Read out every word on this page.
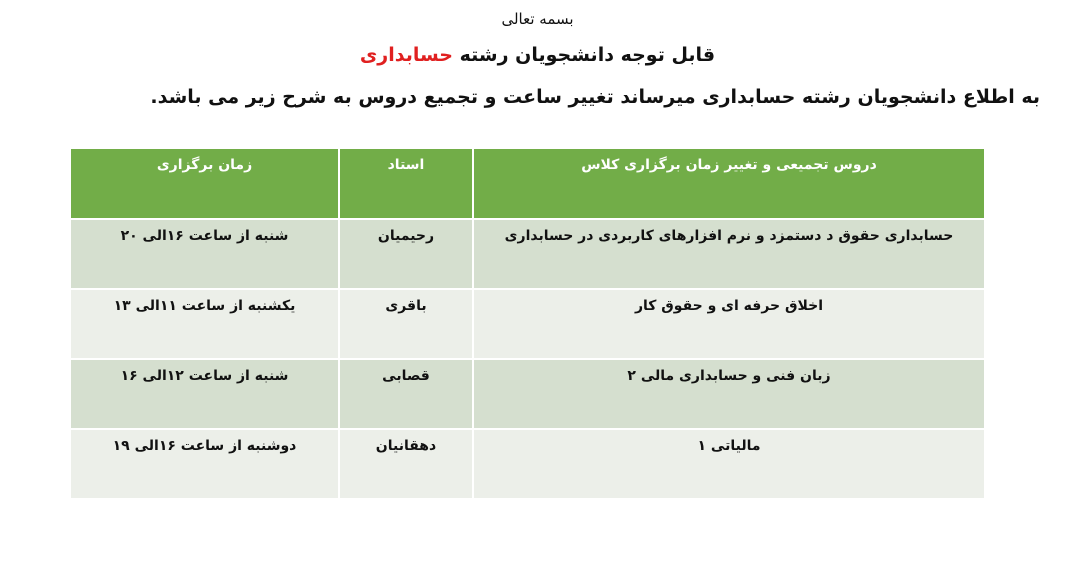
بسمه تعالی
قابل توجه دانشجویان رشته حسابداری
به اطلاع دانشجویان رشته حسابداری میرساند تغییر ساعت و تجمیع دروس به شرح زیر می باشد.
دروس تجمیعی و تغییر زمان برگزاری کلاس	استاد	زمان برگزاری
حسابداری حقوق د دستمزد و نرم افزارهای کاربردی در حسابداری	رحیمیان	شنبه از ساعت ۱۶الی ۲۰
اخلاق حرفه ای و حقوق کار	باقری	یکشنبه از ساعت ۱۱الی ۱۳
زبان فنی و حسابداری مالی ۲	قصابی	شنبه از ساعت ۱۲الی ۱۶
مالیاتی ۱	دهقانیان	دوشنبه از ساعت ۱۶الی ۱۹
